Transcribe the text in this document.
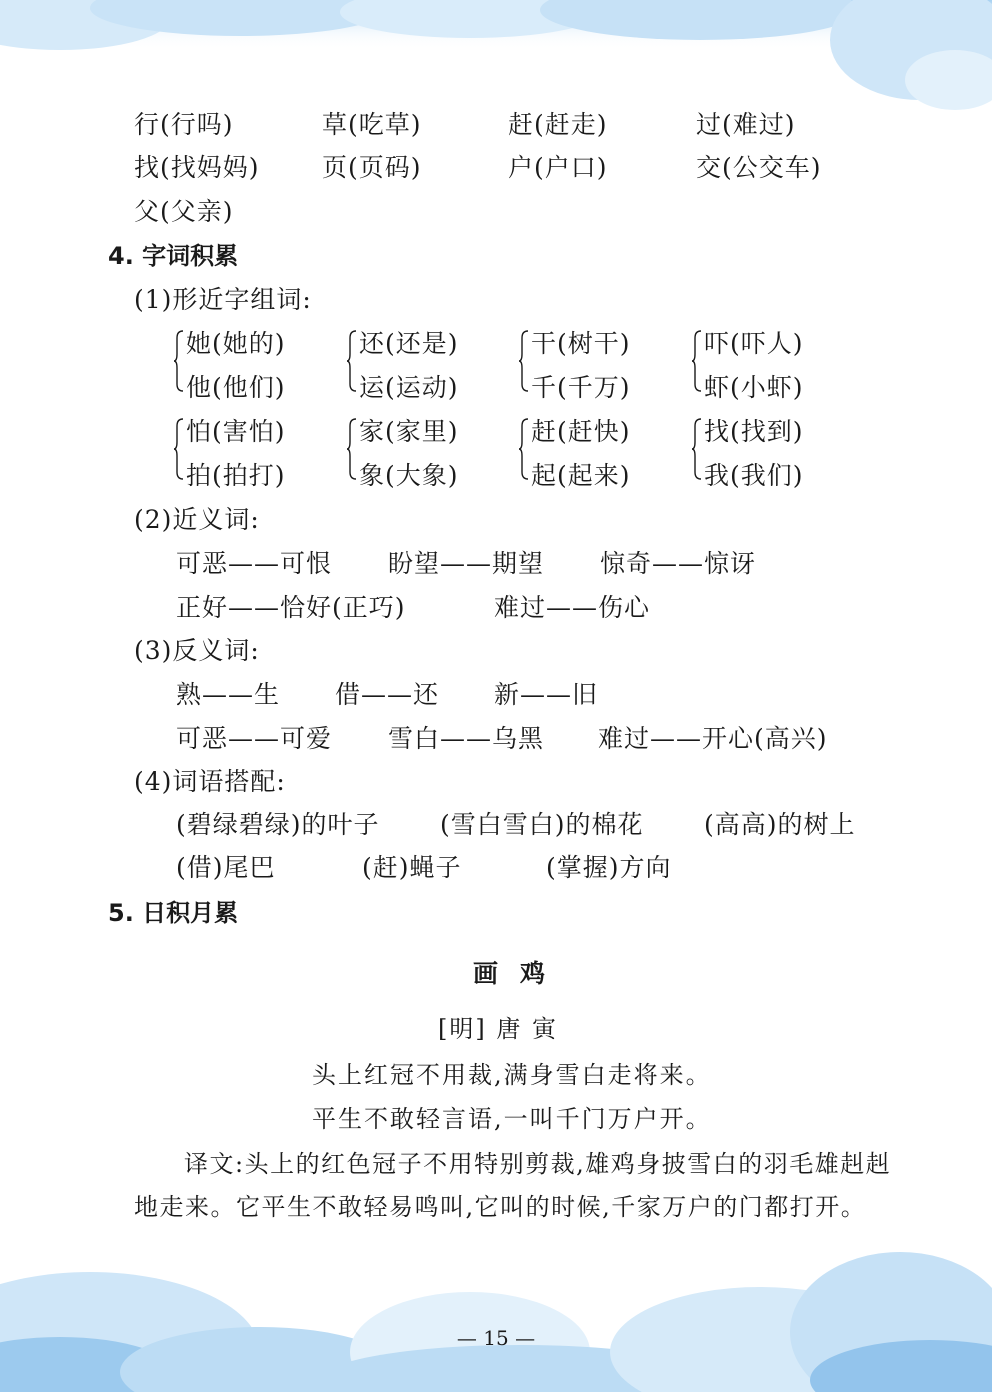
行(行吗)	草(吃草)	赶(赶走)	过(难过)
找(找妈妈) 页(页码)	户(户口)	交(公交车)
父(父亲)
4. 字词积累
(1)形近字组词:
她(她的)
他(他们)
还(还是)
运(运动)
干(树干)
千(千万)
吓(吓人)
虾(小虾)
怕(害怕)
拍(拍打)
家(家里)
象(大象)
赶(赶快)
起(起来)
找(找到)
我(我们)
(2)近义词:
可恶——可恨 盼望——期望 惊奇——惊讶
正好——恰好(正巧)	难过——伤心
(3)反义词:
熟——生 借——还 新——旧
可恶——可爱 雪白——乌黑 难过——开心(高兴)
(4)词语搭配:
(碧绿碧绿)的叶子 (雪白雪白)的棉花 (高高)的树上
(借)尾巴	(赶)蝇子	(掌握)方向
5. 日积月累
画鸡
[明] 唐 寅
头上红冠不用裁,满身雪白走将来。
平生不敢轻言语,一叫千门万户开。
译文:头上的红色冠子不用特别剪裁,雄鸡身披雪白的羽毛雄赳赳地走来。它平生不敢轻易鸣叫,它叫的时候,千家万户的门都打开。
— 15 —
